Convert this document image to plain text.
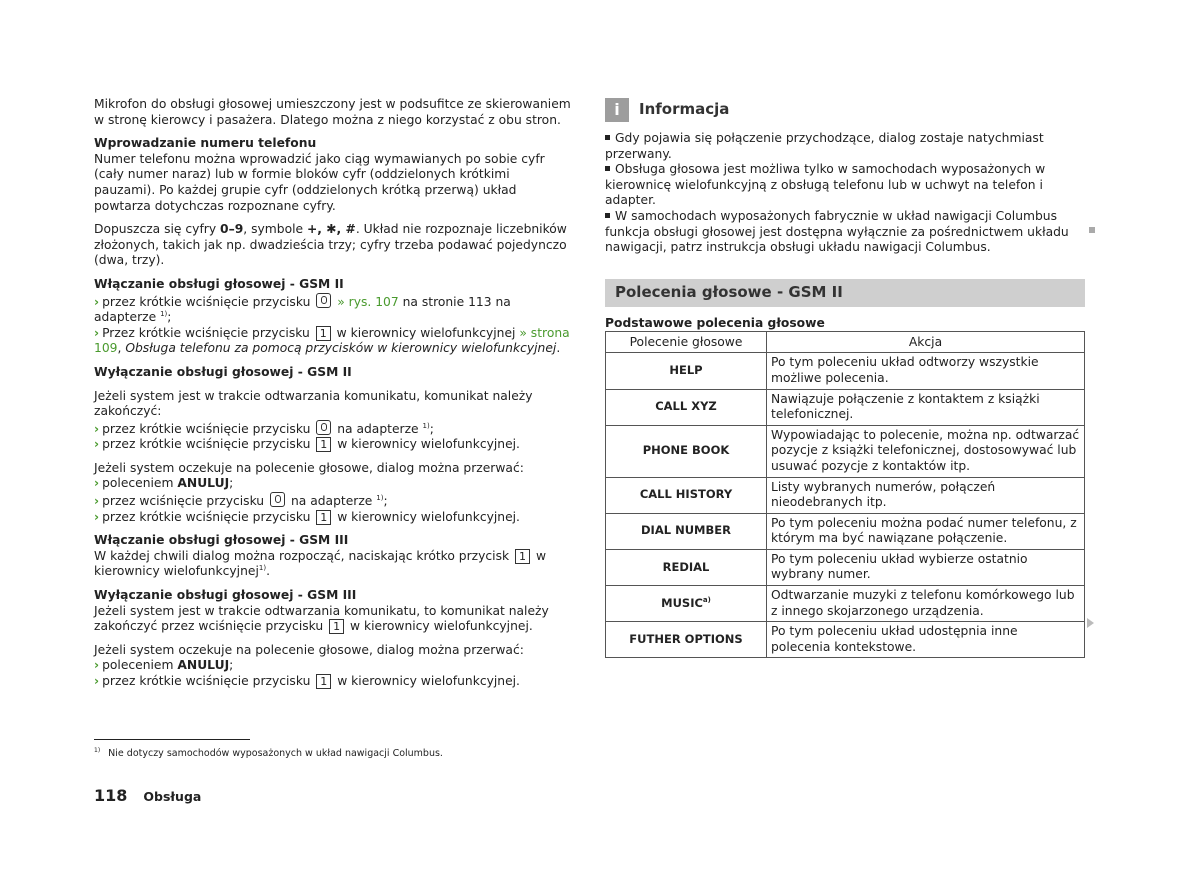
Mikrofon do obsługi głosowej umieszczony jest w podsufitce ze skierowaniem w stronę kierowcy i pasażera. Dlatego można z niego korzystać z obu stron.

Wprowadzanie numeru telefonu
Numer telefonu można wprowadzić jako ciąg wymawianych po sobie cyfr (cały numer naraz) lub w formie bloków cyfr (oddzielonych krótkimi pauzami). Po każdej grupie cyfr (oddzielonych krótką przerwą) układ powtarza dotychczas rozpoznane cyfry.

Dopuszcza się cyfry 0–9, symbole +, ✱, #. Układ nie rozpoznaje liczebników złożonych, takich jak np. dwadzieścia trzy; cyfry trzeba podawać pojedynczo (dwa, trzy).

Włączanie obsługi głosowej - GSM II
› przez krótkie wciśnięcie przycisku » rys. 107 na stronie 113 na adapterze $^{1)}$;
› Przez krótkie wciśnięcie przycisku 1 w kierownicy wielofunkcyjnej » strona 109, Obsługa telefonu za pomocą przycisków w kierownicy wielofunkcyjnej.
Wyłączanie obsługi głosowej - GSM II
Jeżeli system jest w trakcie odtwarzania komunikatu, komunikat należy zakończyć:
› przez krótkie wciśnięcie przycisku na adapterze $^{1)}$;
› przez krótkie wciśnięcie przycisku 1 w kierownicy wielofunkcyjnej.
Jeżeli system oczekuje na polecenie głosowe, dialog można przerwać:
› poleceniem ANULUJ;
› przez wciśnięcie przycisku na adapterze $^{1)}$;
› przez krótkie wciśnięcie przycisku 1 w kierownicy wielofunkcyjnej.
Włączanie obsługi głosowej - GSM III
W każdej chwili dialog można rozpocząć, naciskając krótko przycisk 1 w kierownicy wielofunkcyjnej$^{1)}$.
Wyłączanie obsługi głosowej - GSM III
Jeżeli system jest w trakcie odtwarzania komunikatu, to komunikat należy zakończyć przez wciśnięcie przycisku 1 w kierownicy wielofunkcyjnej.
Jeżeli system oczekuje na polecenie głosowe, dialog można przerwać:
› poleceniem ANULUJ;
› przez krótkie wciśnięcie przycisku 1 w kierownicy wielofunkcyjnej.
i	Informacja
Gdy pojawia się połączenie przychodzące, dialog zostaje natychmiast przerwany.
Obsługa głosowa jest możliwa tylko w samochodach wyposażonych w kierownicę wielofunkcyjną z obsługą telefonu lub w uchwyt na telefon i adapter.
W samochodach wyposażonych fabrycznie w układ nawigacji Columbus funkcja obsługi głosowej jest dostępna wyłącznie za pośrednictwem układu nawigacji, patrz instrukcja obsługi układu nawigacji Columbus.
Polecenia głosowe - GSM II
Podstawowe polecenia głosowe
Polecenie głosowe	Akcja
HELP	Po tym poleceniu układ odtworzy wszystkie możliwe polecenia.
CALL XYZ	Nawiązuje połączenie z kontaktem z książki telefonicznej.
PHONE BOOK	Wypowiadając to polecenie, można np. odtwarzać pozycje z książki telefonicznej, dostosowywać lub usuwać pozycje z kontaktów itp.
CALL HISTORY	Listy wybranych numerów, połączeń nieodebranych itp.
DIAL NUMBER	Po tym poleceniu można podać numer telefonu, z którym ma być nawiązane połączenie.
REDIAL	Po tym poleceniu układ wybierze ostatnio wybrany numer.
MUSIC$^{a)}$	Odtwarzanie muzyki z telefonu komórkowego lub z innego skojarzonego urządzenia.
FUTHER OPTIONS	Po tym poleceniu układ udostępnia inne polecenia kontekstowe.
$^{1)}$ Nie dotyczy samochodów wyposażonych w układ nawigacji Columbus.
118 Obsługa
